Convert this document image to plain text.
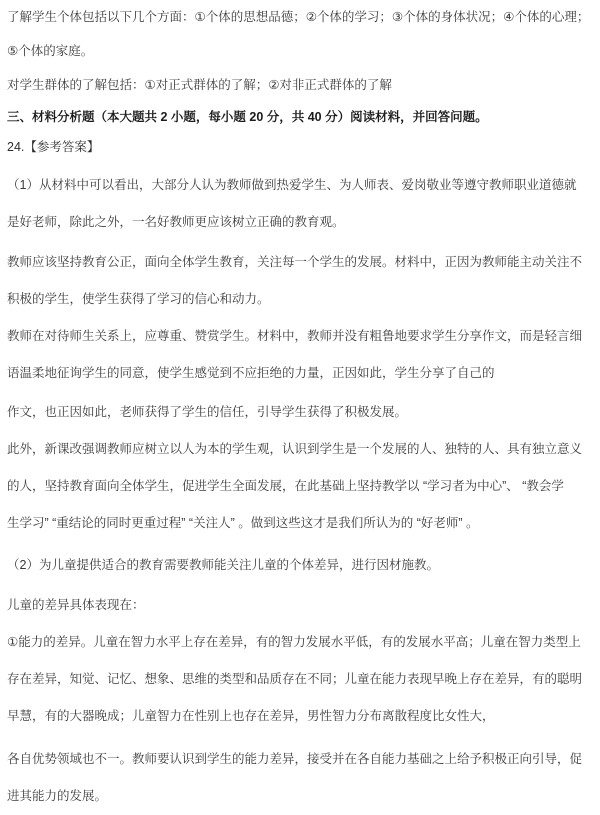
了解学生个体包括以下几个方面：①个体的思想品德；②个体的学习；③个体的身体状况；④个体的心理；
⑤个体的家庭。

对学生群体的了解包括：①对正式群体的了解；②对非正式群体的了解

三、材料分析题（本大题共 2 小题，每小题 20 分，共 40 分）阅读材料，并回答问题。

24.【参考答案】

（1）从材料中可以看出，大部分人认为教师做到热爱学生、为人师表、爱岗敬业等遵守教师职业道德就
是好老师，除此之外，一名好教师更应该树立正确的教育观。

教师应该坚持教育公正，面向全体学生教育，关注每一个学生的发展。材料中，正因为教师能主动关注不
积极的学生，使学生获得了学习的信心和动力。

教师在对待师生关系上，应尊重、赞赏学生。材料中，教师并没有粗鲁地要求学生分享作文，而是轻言细
语温柔地征询学生的同意，使学生感觉到不应拒绝的力量，正因如此，学生分享了自己的

作文，也正因如此，老师获得了学生的信任，引导学生获得了积极发展。

此外，新课改强调教师应树立以人为本的学生观，认识到学生是一个发展的人、独特的人、具有独立意义
的人，坚持教育面向全体学生，促进学生全面发展，在此基础上坚持教学以 “学习者为中心”、 “教会学
生学习” “重结论的同时更重过程” “关注人” 。做到这些这才是我们所认为的 “好老师” 。

（2）为儿童提供适合的教育需要教师能关注儿童的个体差异，进行因材施教。

儿童的差异具体表现在：

①能力的差异。儿童在智力水平上存在差异，有的智力发展水平低，有的发展水平高；儿童在智力类型上
存在差异，知觉、记忆、想象、思维的类型和品质存在不同；儿童在能力表现早晚上存在差异，有的聪明
早慧，有的大器晚成；儿童智力在性别上也存在差异，男性智力分布离散程度比女性大，

各自优势领域也不一。教师要认识到学生的能力差异，接受并在各自能力基础之上给予积极正向引导，促
进其能力的发展。
